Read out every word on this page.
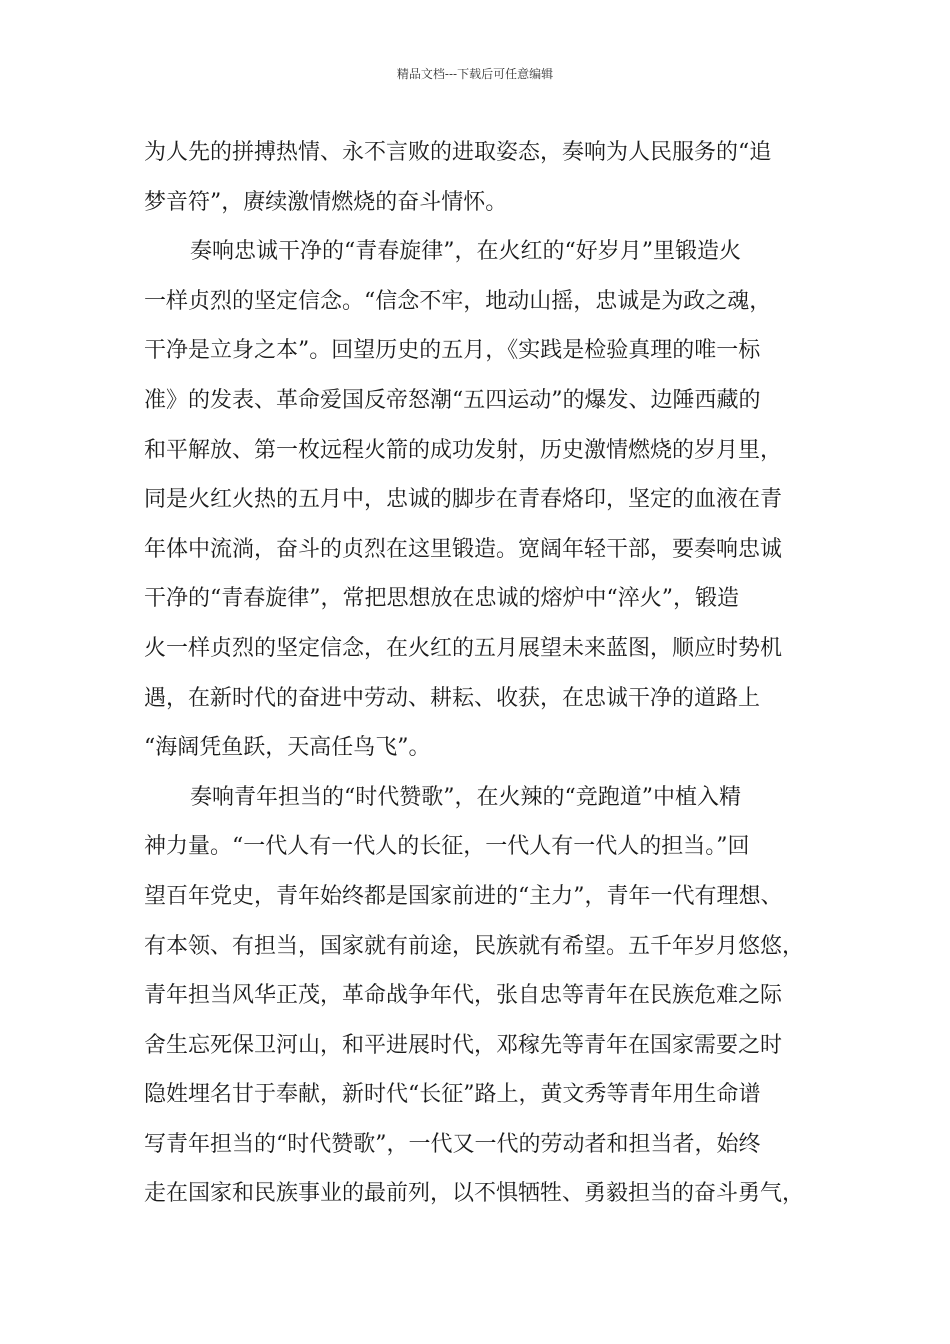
精品文档---下载后可任意编辑
为人先的拼搏热情、永不言败的进取姿态，奏响为人民服务的“追
梦音符”，赓续激情燃烧的奋斗情怀。
奏响忠诚干净的“青春旋律”，在火红的“好岁月”里锻造火
一样贞烈的坚定信念。“信念不牢，地动山摇，忠诚是为政之魂，
干净是立身之本”。回望历史的五月，《实践是检验真理的唯一标
准》的发表、革命爱国反帝怒潮“五四运动”的爆发、边陲西藏的
和平解放、第一枚远程火箭的成功发射，历史激情燃烧的岁月里，
同是火红火热的五月中，忠诚的脚步在青春烙印，坚定的血液在青
年体中流淌，奋斗的贞烈在这里锻造。宽阔年轻干部，要奏响忠诚
干净的“青春旋律”，常把思想放在忠诚的熔炉中“淬火”，锻造
火一样贞烈的坚定信念，在火红的五月展望未来蓝图，顺应时势机
遇，在新时代的奋进中劳动、耕耘、收获，在忠诚干净的道路上
“海阔凭鱼跃，天高任鸟飞”。
奏响青年担当的“时代赞歌”，在火辣的“竞跑道”中植入精
神力量。“一代人有一代人的长征，一代人有一代人的担当。”回
望百年党史，青年始终都是国家前进的“主力”，青年一代有理想、
有本领、有担当，国家就有前途，民族就有希望。五千年岁月悠悠，
青年担当风华正茂，革命战争年代，张自忠等青年在民族危难之际
舍生忘死保卫河山，和平进展时代，邓稼先等青年在国家需要之时
隐姓埋名甘于奉献，新时代“长征”路上，黄文秀等青年用生命谱
写青年担当的“时代赞歌”，一代又一代的劳动者和担当者，始终
走在国家和民族事业的最前列，以不惧牺牲、勇毅担当的奋斗勇气，
